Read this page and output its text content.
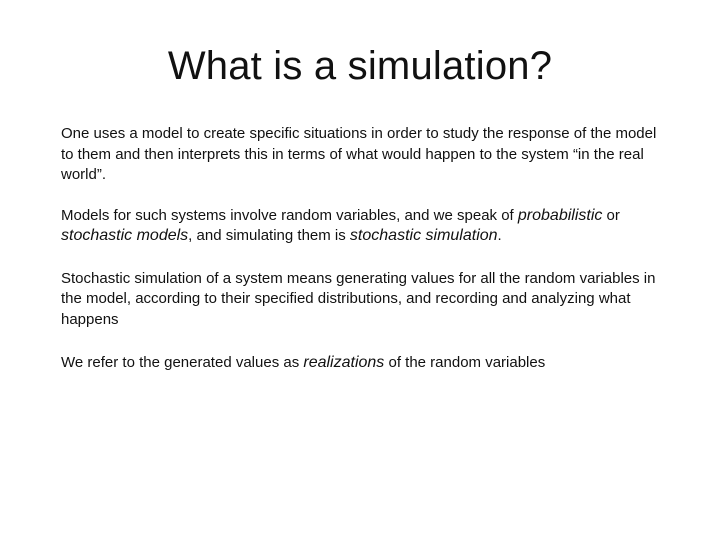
What is a simulation?

One uses a model to create specific situations in order to study the response of the model to them and then interprets this in terms of what would happen to the system “in the real world”.

Models for such systems involve random variables, and we speak of probabilistic or stochastic models, and simulating them is stochastic simulation.

Stochastic simulation of a system means generating values for all the random variables in the model, according to their specified distributions, and recording and analyzing what happens

We refer to the generated values as realizations of the random variables
